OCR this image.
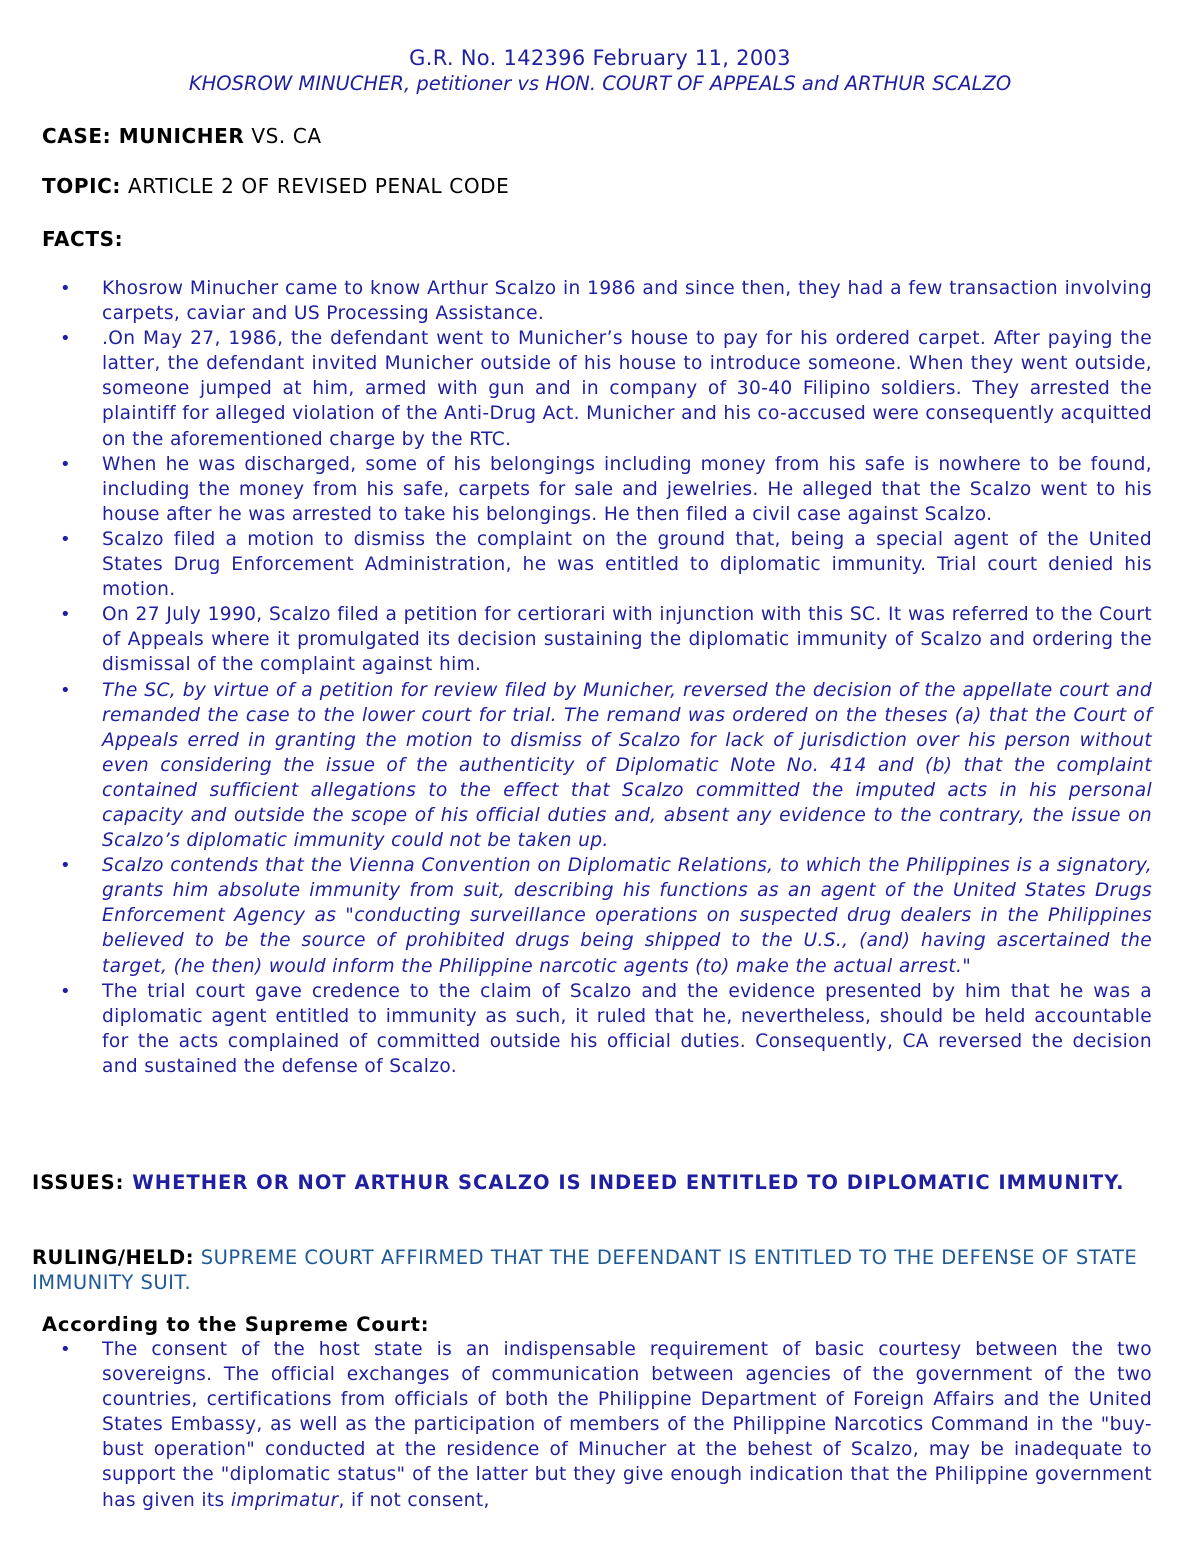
G.R. No. 142396 February 11, 2003
KHOSROW MINUCHER, petitioner vs HON. COURT OF APPEALS and ARTHUR SCALZO
CASE: MUNICHER VS. CA
TOPIC: ARTICLE 2 OF REVISED PENAL CODE
FACTS:
• Khosrow Minucher came to know Arthur Scalzo in 1986 and since then, they had a few transaction involving carpets, caviar and US Processing Assistance.
• .On May 27, 1986, the defendant went to Municher’s house to pay for his ordered carpet. After paying the latter, the defendant invited Municher outside of his house to introduce someone. When they went outside, someone jumped at him, armed with gun and in company of 30-40 Filipino soldiers. They arrested the plaintiff for alleged violation of the Anti-Drug Act. Municher and his co-accused were consequently acquitted on the aforementioned charge by the RTC.
• When he was discharged, some of his belongings including money from his safe is nowhere to be found, including the money from his safe, carpets for sale and jewelries. He alleged that the Scalzo went to his house after he was arrested to take his belongings. He then filed a civil case against Scalzo.
• Scalzo filed a motion to dismiss the complaint on the ground that, being a special agent of the United States Drug Enforcement Administration, he was entitled to diplomatic immunity. Trial court denied his motion.
• On 27 July 1990, Scalzo filed a petition for certiorari with injunction with this SC. It was referred to the Court of Appeals where it promulgated its decision sustaining the diplomatic immunity of Scalzo and ordering the dismissal of the complaint against him.
• The SC, by virtue of a petition for review filed by Municher, reversed the decision of the appellate court and remanded the case to the lower court for trial. The remand was ordered on the theses (a) that the Court of Appeals erred in granting the motion to dismiss of Scalzo for lack of jurisdiction over his person without even considering the issue of the authenticity of Diplomatic Note No. 414 and (b) that the complaint contained sufficient allegations to the effect that Scalzo committed the imputed acts in his personal capacity and outside the scope of his official duties and, absent any evidence to the contrary, the issue on Scalzo’s diplomatic immunity could not be taken up.
• Scalzo contends that the Vienna Convention on Diplomatic Relations, to which the Philippines is a signatory, grants him absolute immunity from suit, describing his functions as an agent of the United States Drugs Enforcement Agency as "conducting surveillance operations on suspected drug dealers in the Philippines believed to be the source of prohibited drugs being shipped to the U.S., (and) having ascertained the target, (he then) would inform the Philippine narcotic agents (to) make the actual arrest."
• The trial court gave credence to the claim of Scalzo and the evidence presented by him that he was a diplomatic agent entitled to immunity as such, it ruled that he, nevertheless, should be held accountable for the acts complained of committed outside his official duties. Consequently, CA reversed the decision and sustained the defense of Scalzo.
ISSUES: WHETHER OR NOT ARTHUR SCALZO IS INDEED ENTITLED TO DIPLOMATIC IMMUNITY.
RULING/HELD: SUPREME COURT AFFIRMED THAT THE DEFENDANT IS ENTITLED TO THE DEFENSE OF STATE IMMUNITY SUIT.
According to the Supreme Court:
• The consent of the host state is an indispensable requirement of basic courtesy between the two sovereigns. The official exchanges of communication between agencies of the government of the two countries, certifications from officials of both the Philippine Department of Foreign Affairs and the United States Embassy, as well as the participation of members of the Philippine Narcotics Command in the "buy-bust operation" conducted at the residence of Minucher at the behest of Scalzo, may be inadequate to support the "diplomatic status" of the latter but they give enough indication that the Philippine government has given its imprimatur, if not consent,
